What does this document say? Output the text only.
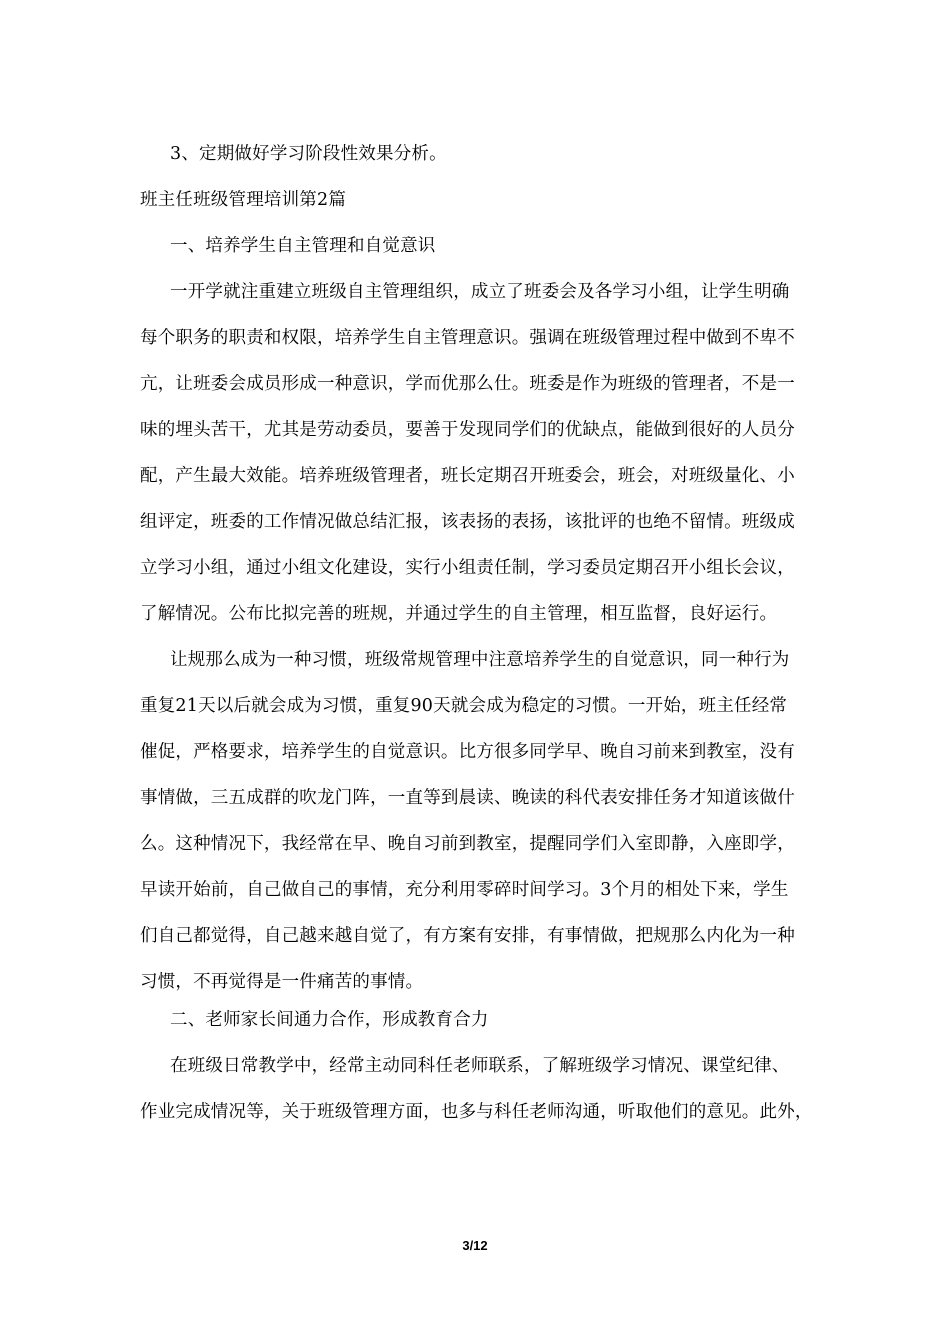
3、定期做好学习阶段性效果分析。
班主任班级管理培训第2篇
一、培养学生自主管理和自觉意识
一开学就注重建立班级自主管理组织，成立了班委会及各学习小组，让学生明确
每个职务的职责和权限，培养学生自主管理意识。强调在班级管理过程中做到不卑不
亢，让班委会成员形成一种意识，学而优那么仕。班委是作为班级的管理者，不是一
味的埋头苦干，尤其是劳动委员，要善于发现同学们的优缺点，能做到很好的人员分
配，产生最大效能。培养班级管理者，班长定期召开班委会，班会，对班级量化、小
组评定，班委的工作情况做总结汇报，该表扬的表扬，该批评的也绝不留情。班级成
立学习小组，通过小组文化建设，实行小组责任制，学习委员定期召开小组长会议，
了解情况。公布比拟完善的班规，并通过学生的自主管理，相互监督，良好运行。
让规那么成为一种习惯，班级常规管理中注意培养学生的自觉意识，同一种行为
重复21天以后就会成为习惯，重复90天就会成为稳定的习惯。一开始，班主任经常
催促，严格要求，培养学生的自觉意识。比方很多同学早、晚自习前来到教室，没有
事情做，三五成群的吹龙门阵，一直等到晨读、晚读的科代表安排任务才知道该做什
么。这种情况下，我经常在早、晚自习前到教室，提醒同学们入室即静，入座即学，
早读开始前，自己做自己的事情，充分利用零碎时间学习。3个月的相处下来，学生
们自己都觉得，自己越来越自觉了，有方案有安排，有事情做，把规那么内化为一种
习惯，不再觉得是一件痛苦的事情。
二、老师家长间通力合作，形成教育合力
在班级日常教学中，经常主动同科任老师联系，了解班级学习情况、课堂纪律、
作业完成情况等，关于班级管理方面，也多与科任老师沟通，听取他们的意见。此外，
3/12
